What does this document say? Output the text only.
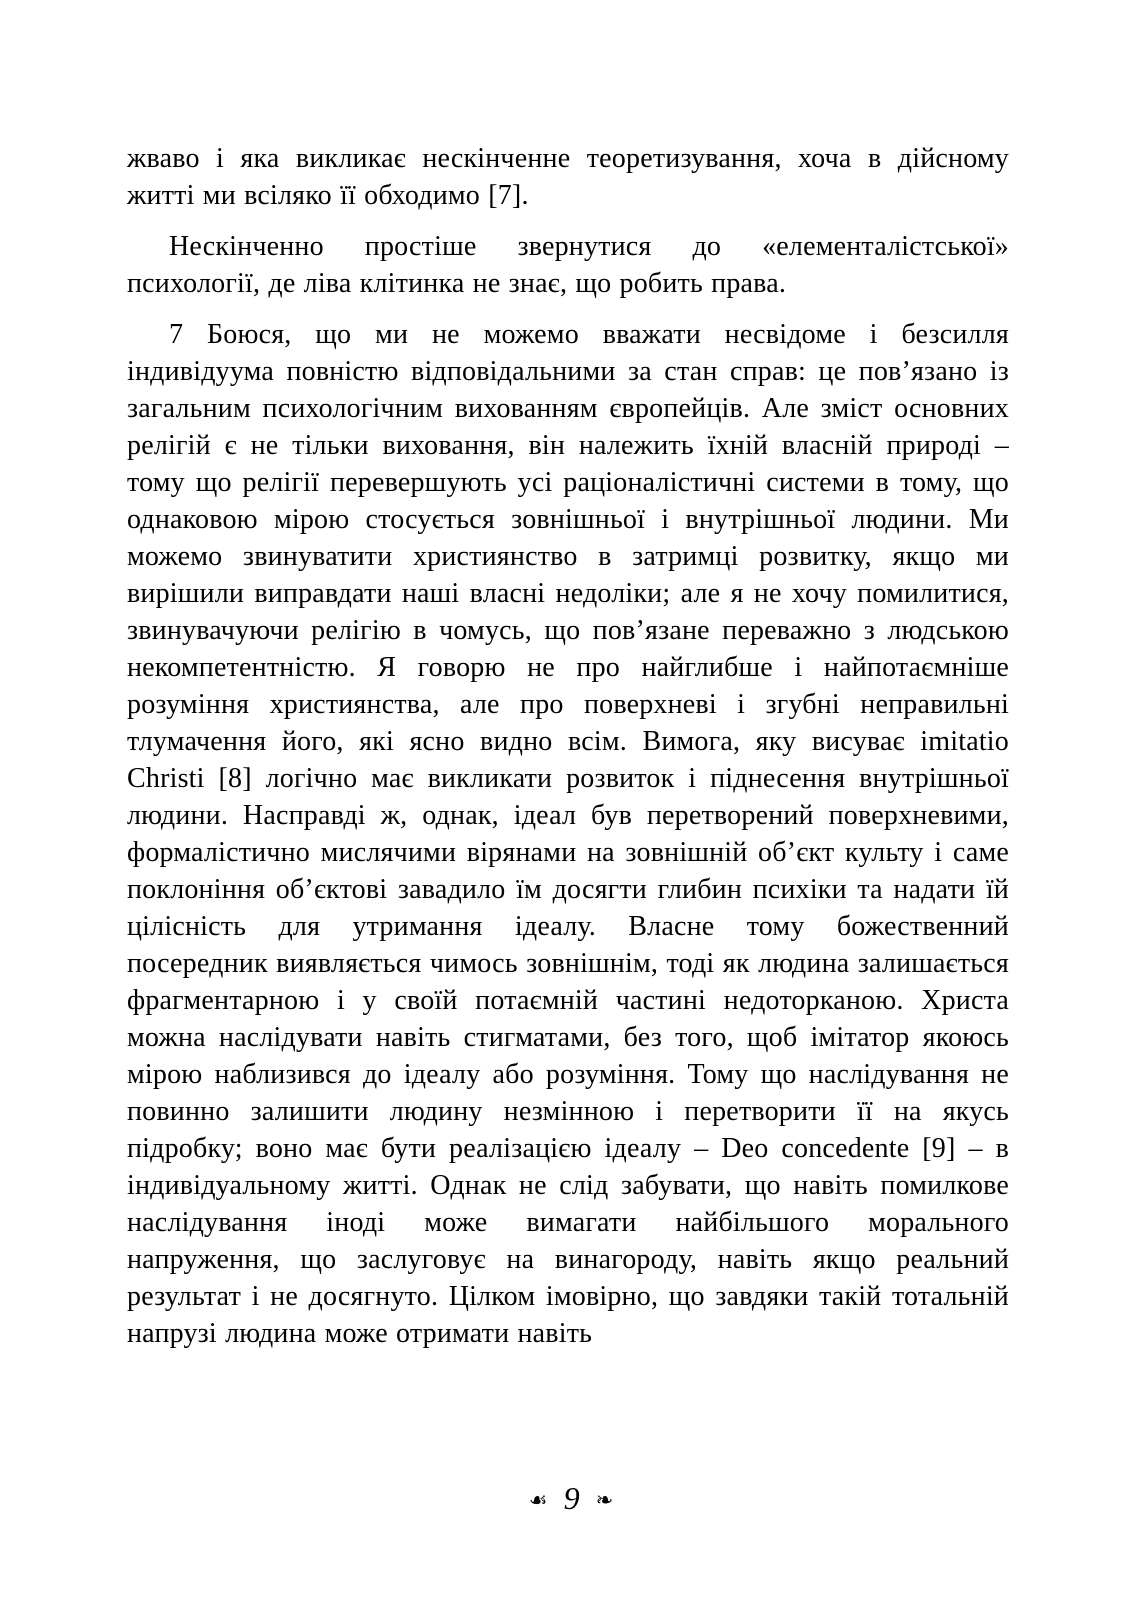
жваво і яка викликає нескінченне теоретизування, хоча в дійсному житті ми всіляко її обходимо [7].

Нескінченно простіше звернутися до «елементалістської» психології, де ліва клітинка не знає, що робить права.

7 Боюся, що ми не можемо вважати несвідоме і безсилля індивідуума повністю відповідальними за стан справ: це пов’язано із загальним психологічним вихованням європейців. Але зміст основних релігій є не тільки виховання, він належить їхній власній природі – тому що релігії перевершують усі раціоналістичні системи в тому, що однаковою мірою стосується зовнішньої і внутрішньої людини. Ми можемо звинуватити християнство в затримці розвитку, якщо ми вирішили виправдати наші власні недоліки; але я не хочу помилитися, звинувачуючи релігію в чомусь, що пов’язане переважно з людською некомпетентністю. Я говорю не про найглибше і найпотаємніше розуміння християнства, але про поверхневі і згубні неправильні тлумачення його, які ясно видно всім. Вимога, яку висуває imitatio Christi [8] логічно має викликати розвиток і піднесення внутрішньої людини. Насправді ж, однак, ідеал був перетворений поверхневими, формалістично мислячими вірянами на зовнішній об’єкт культу і саме поклоніння об’єктові завадило їм досягти глибин психіки та надати їй цілісність для утримання ідеалу. Власне тому божественний посередник виявляється чимось зовнішнім, тоді як людина залишається фрагментарною і у своїй потаємній частині недоторканою. Христа можна наслідувати навіть стигматами, без того, щоб імітатор якоюсь мірою наблизився до ідеалу або розуміння. Тому що наслідування не повинно залишити людину незмінною і перетворити її на якусь підробку; воно має бути реалізацією ідеалу – Deo concedente [9] – в індивідуальному житті. Однак не слід забувати, що навіть помилкове наслідування іноді може вимагати найбільшого морального напруження, що заслуговує на винагороду, навіть якщо реальний результат і не досягнуто. Цілком імовірно, що завдяки такій тотальній напрузі людина може отримати навіть

☙ 9 ❧
